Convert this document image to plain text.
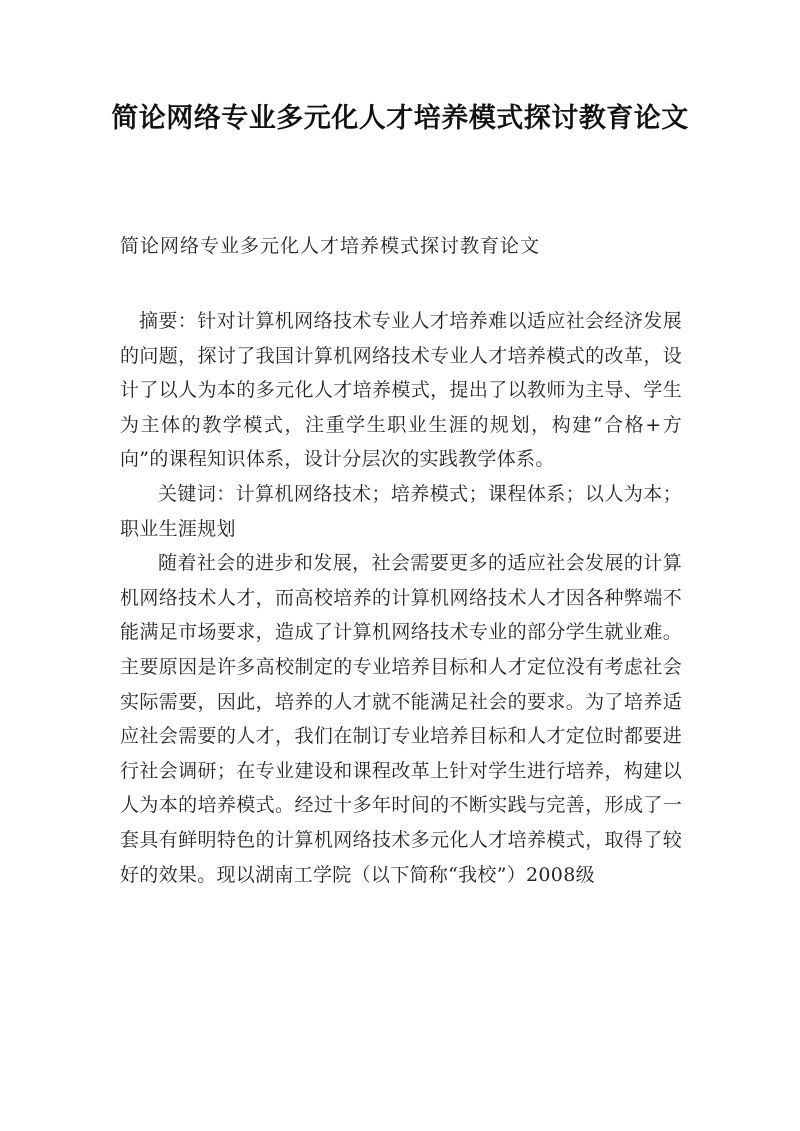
简论网络专业多元化人才培养模式探讨教育论文

简论网络专业多元化人才培养模式探讨教育论文

摘要：针对计算机网络技术专业人才培养难以适应社会经济发展的问题，探讨了我国计算机网络技术专业人才培养模式的改革，设计了以人为本的多元化人才培养模式，提出了以教师为主导、学生为主体的教学模式，注重学生职业生涯的规划，构建“合格+方向”的课程知识体系，设计分层次的实践教学体系。

关键词：计算机网络技术；培养模式；课程体系；以人为本；职业生涯规划

随着社会的进步和发展，社会需要更多的适应社会发展的计算机网络技术人才，而高校培养的计算机网络技术人才因各种弊端不能满足市场要求，造成了计算机网络技术专业的部分学生就业难。主要原因是许多高校制定的专业培养目标和人才定位没有考虑社会实际需要，因此，培养的人才就不能满足社会的要求。为了培养适应社会需要的人才，我们在制订专业培养目标和人才定位时都要进行社会调研；在专业建设和课程改革上针对学生进行培养，构建以人为本的培养模式。经过十多年时间的不断实践与完善，形成了一套具有鲜明特色的计算机网络技术多元化人才培养模式，取得了较好的效果。现以湖南工学院（以下简称“我校”）2008级
